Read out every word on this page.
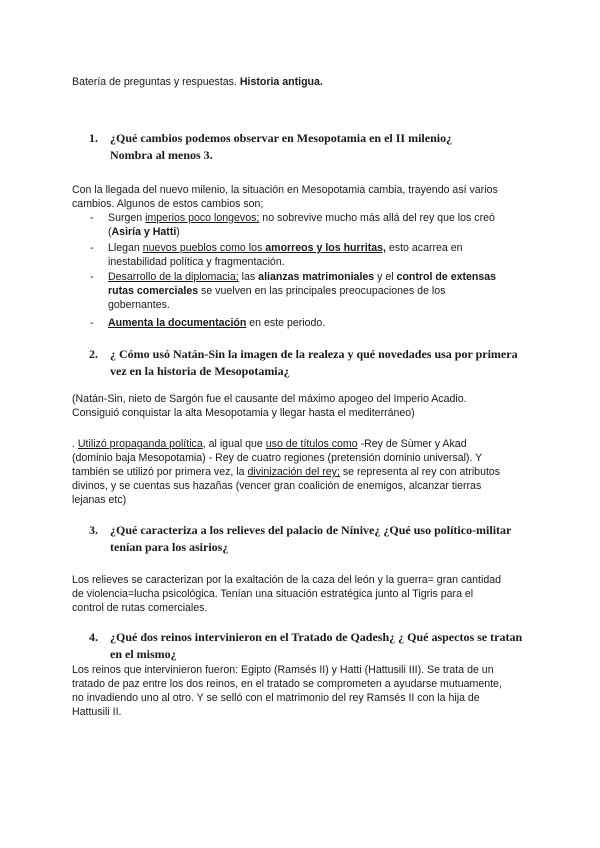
Batería de preguntas y respuestas. Historia antigua.
1. ¿Qué cambios podemos observar en Mesopotamia en el II milenio¿
Nombra al menos 3.
Con la llegada del nuevo milenio, la situación en Mesopotamia cambia, trayendo así varios
cambios. Algunos de estos cambios son;
- Surgen imperios poco longevos; no sobrevive mucho más allá del rey que los creó
(Asiría y Hatti)
- Llegan nuevos pueblos como los amorreos y los hurritas, esto acarrea en
inestabilidad política y fragmentación.
- Desarrollo de la diplomacia; las alianzas matrimoniales y el control de extensas
rutas comerciales se vuelven en las principales preocupaciones de los
gobernantes.
- Aumenta la documentación en este periodo.
2. ¿ Cómo usó Natán-Sin la imagen de la realeza y qué novedades usa por primera
vez en la historia de Mesopotamia¿
(Natán-Sin, nieto de Sargón fue el causante del máximo apogeo del Imperio Acadio.
Consiguió conquistar la alta Mesopotamia y llegar hasta el mediterráneo)
. Utilizó propaganda política, al igual que uso de títulos como -Rey de Sùmer y Akad
(dominio baja Mesopotamia) - Rey de cuatro regiones (pretensión dominio universal). Y
también se utilizó por primera vez, la divinización del rey; se representa al rey con atributos
divinos, y se cuentas sus hazañas (vencer gran coalición de enemigos, alcanzar tierras
lejanas etc)
3. ¿Qué caracteriza a los relieves del palacio de Nínive¿ ¿Qué uso político-militar
tenían para los asirios¿
Los relieves se caracterizan por la exaltación de la caza del león y la guerra= gran cantidad
de violencia=lucha psicológica. Tenían una situación estratégica junto al Tigris para el
control de rutas comerciales.
4. ¿Qué dos reinos intervinieron en el Tratado de Qadesh¿ ¿ Qué aspectos se tratan
en el mismo¿
Los reinos que intervinieron fueron: Egipto (Ramsés II) y Hatti (Hattusili III). Se trata de un
tratado de paz entre los dos reinos, en el tratado se comprometen a ayudarse mutuamente,
no invadiendo uno al otro. Y se selló con el matrimonio del rey Ramsés II con la hija de
Hattusili II.
